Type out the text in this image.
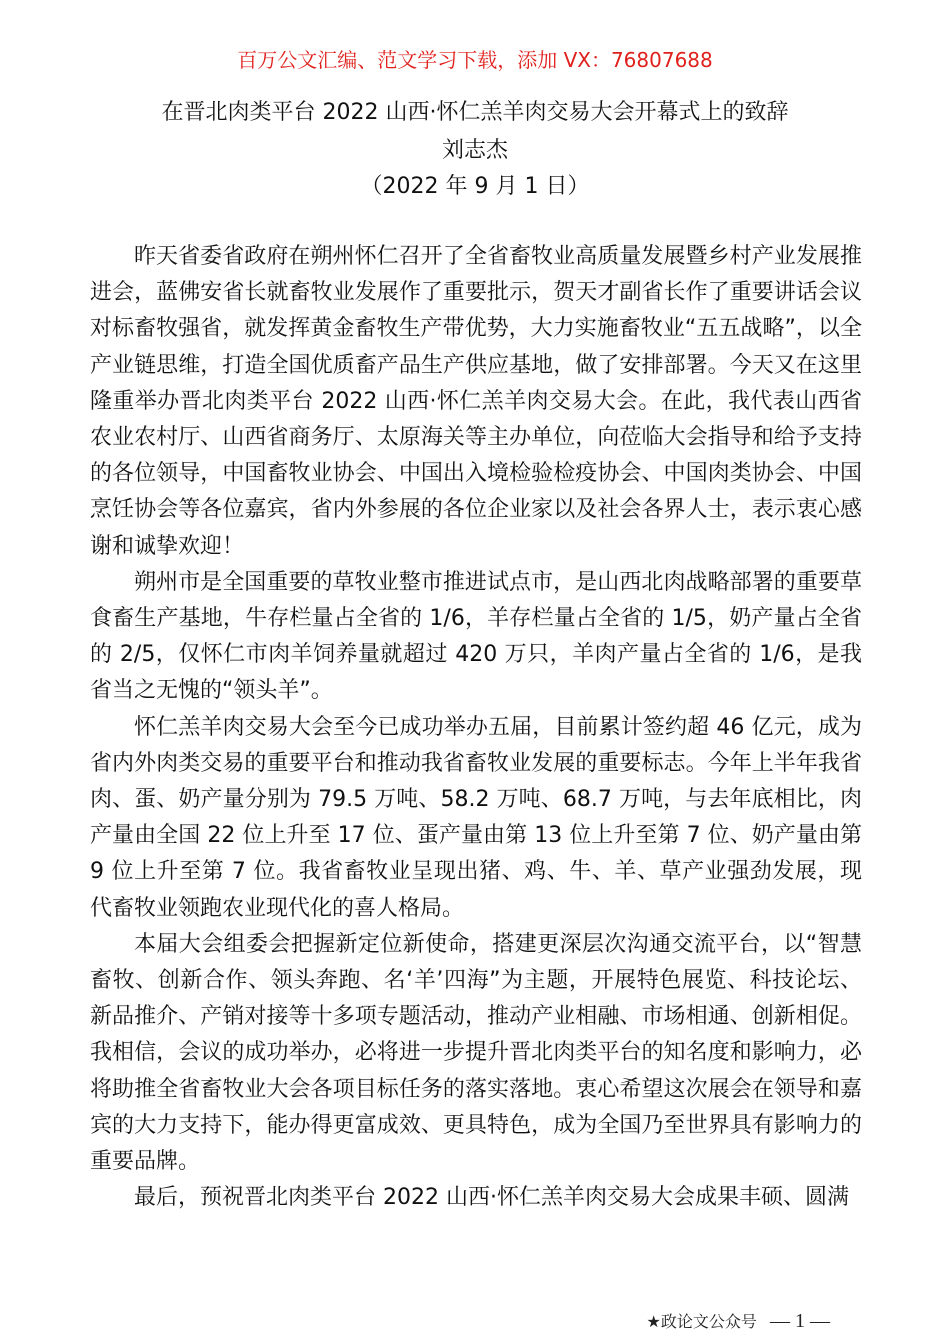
百万公文汇编、范文学习下载，添加 VX：76807688
在晋北肉类平台 2022 山西·怀仁羔羊肉交易大会开幕式上的致辞
刘志杰
（2022 年 9 月 1 日）

昨天省委省政府在朔州怀仁召开了全省畜牧业高质量发展暨乡村产业发展推进会，蓝佛安省长就畜牧业发展作了重要批示，贺天才副省长作了重要讲话会议对标畜牧强省，就发挥黄金畜牧生产带优势，大力实施畜牧业“五五战略”，以全产业链思维，打造全国优质畜产品生产供应基地，做了安排部署。今天又在这里隆重举办晋北肉类平台 2022 山西·怀仁羔羊肉交易大会。在此，我代表山西省农业农村厅、山西省商务厅、太原海关等主办单位，向莅临大会指导和给予支持的各位领导，中国畜牧业协会、中国出入境检验检疫协会、中国肉类协会、中国烹饪协会等各位嘉宾，省内外参展的各位企业家以及社会各界人士，表示衷心感谢和诚挚欢迎！

朔州市是全国重要的草牧业整市推进试点市，是山西北肉战略部署的重要草食畜生产基地，牛存栏量占全省的 1/6，羊存栏量占全省的 1/5，奶产量占全省的 2/5，仅怀仁市肉羊饲养量就超过 420 万只，羊肉产量占全省的 1/6，是我省当之无愧的“领头羊”。

怀仁羔羊肉交易大会至今已成功举办五届，目前累计签约超 46 亿元，成为省内外肉类交易的重要平台和推动我省畜牧业发展的重要标志。今年上半年我省肉、蛋、奶产量分别为 79.5 万吨、58.2 万吨、68.7 万吨，与去年底相比，肉产量由全国 22 位上升至 17 位、蛋产量由第 13 位上升至第 7 位、奶产量由第 9 位上升至第 7 位。我省畜牧业呈现出猪、鸡、牛、羊、草产业强劲发展，现代畜牧业领跑农业现代化的喜人格局。

本届大会组委会把握新定位新使命，搭建更深层次沟通交流平台，以“智慧畜牧、创新合作、领头奔跑、名‘羊’四海”为主题，开展特色展览、科技论坛、新品推介、产销对接等十多项专题活动，推动产业相融、市场相通、创新相促。我相信，会议的成功举办，必将进一步提升晋北肉类平台的知名度和影响力，必将助推全省畜牧业大会各项目标任务的落实落地。衷心希望这次展会在领导和嘉宾的大力支持下，能办得更富成效、更具特色，成为全国乃至世界具有影响力的重要品牌。

最后，预祝晋北肉类平台 2022 山西·怀仁羔羊肉交易大会成果丰硕、圆满

★政论文公众号 — 1 —
